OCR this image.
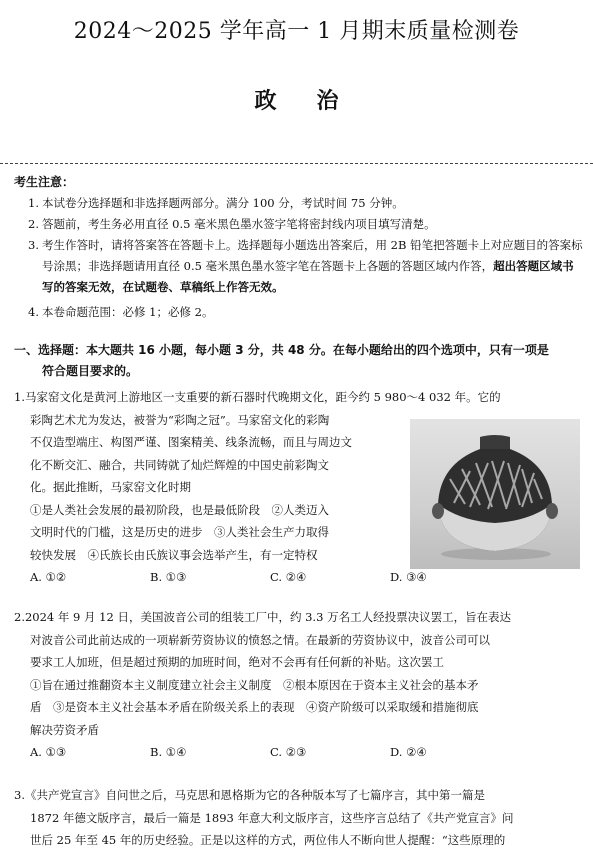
2024～2025 学年高一 1 月期末质量检测卷
政治
考生注意：
1. 本试卷分选择题和非选择题两部分。满分 100 分，考试时间 75 分钟。
2. 答题前，考生务必用直径 0.5 毫米黑色墨水签字笔将密封线内项目填写清楚。
3. 考生作答时，请将答案答在答题卡上。选择题每小题选出答案后，用 2B 铅笔把答题卡上对应题目的答案标号涂黑；非选择题请用直径 0.5 毫米黑色墨水签字笔在答题卡上各题的答题区域内作答，超出答题区域书写的答案无效，在试题卷、草稿纸上作答无效。
4. 本卷命题范围：必修 1；必修 2。
一、选择题：本大题共 16 小题，每小题 3 分，共 48 分。在每小题给出的四个选项中，只有一项是
符合题目要求的。

1.马家窑文化是黄河上游地区一支重要的新石器时代晚期文化，距今约 5 980～4 032 年。它的

彩陶艺术尤为发达，被誉为“彩陶之冠”。马家窑文化的彩陶

不仅造型端庄、构图严谨、图案精美、线条流畅，而且与周边文

化不断交汇、融合，共同铸就了灿烂辉煌的中国史前彩陶文

化。据此推断，马家窑文化时期

①是人类社会发展的最初阶段，也是最低阶段　②人类迈入

文明时代的门槛，这是历史的进步　③人类社会生产力取得

较快发展　④氏族长由氏族议事会选举产生，有一定特权

A. ①②	B. ①③	C. ②④	D. ③④

2.2024 年 9 月 12 日，美国波音公司的组装工厂中，约 3.3 万名工人经投票决议罢工，旨在表达

对波音公司此前达成的一项崭新劳资协议的愤怒之情。在最新的劳资协议中，波音公司可以

要求工人加班，但是超过预期的加班时间，绝对不会再有任何新的补贴。这次罢工

①旨在通过推翻资本主义制度建立社会主义制度　②根本原因在于资本主义社会的基本矛

盾　③是资本主义社会基本矛盾在阶级关系上的表现　④资产阶级可以采取缓和措施彻底

解决劳资矛盾

A. ①③	B. ①④	C. ②③	D. ②④

3.《共产党宣言》自问世之后，马克思和恩格斯为它的各种版本写了七篇序言，其中第一篇是

1872 年德文版序言，最后一篇是 1893 年意大利文版序言，这些序言总结了《共产党宣言》问

世后 25 年至 45 年的历史经验。正是以这样的方式，两位伟人不断向世人提醒：“这些原理的
